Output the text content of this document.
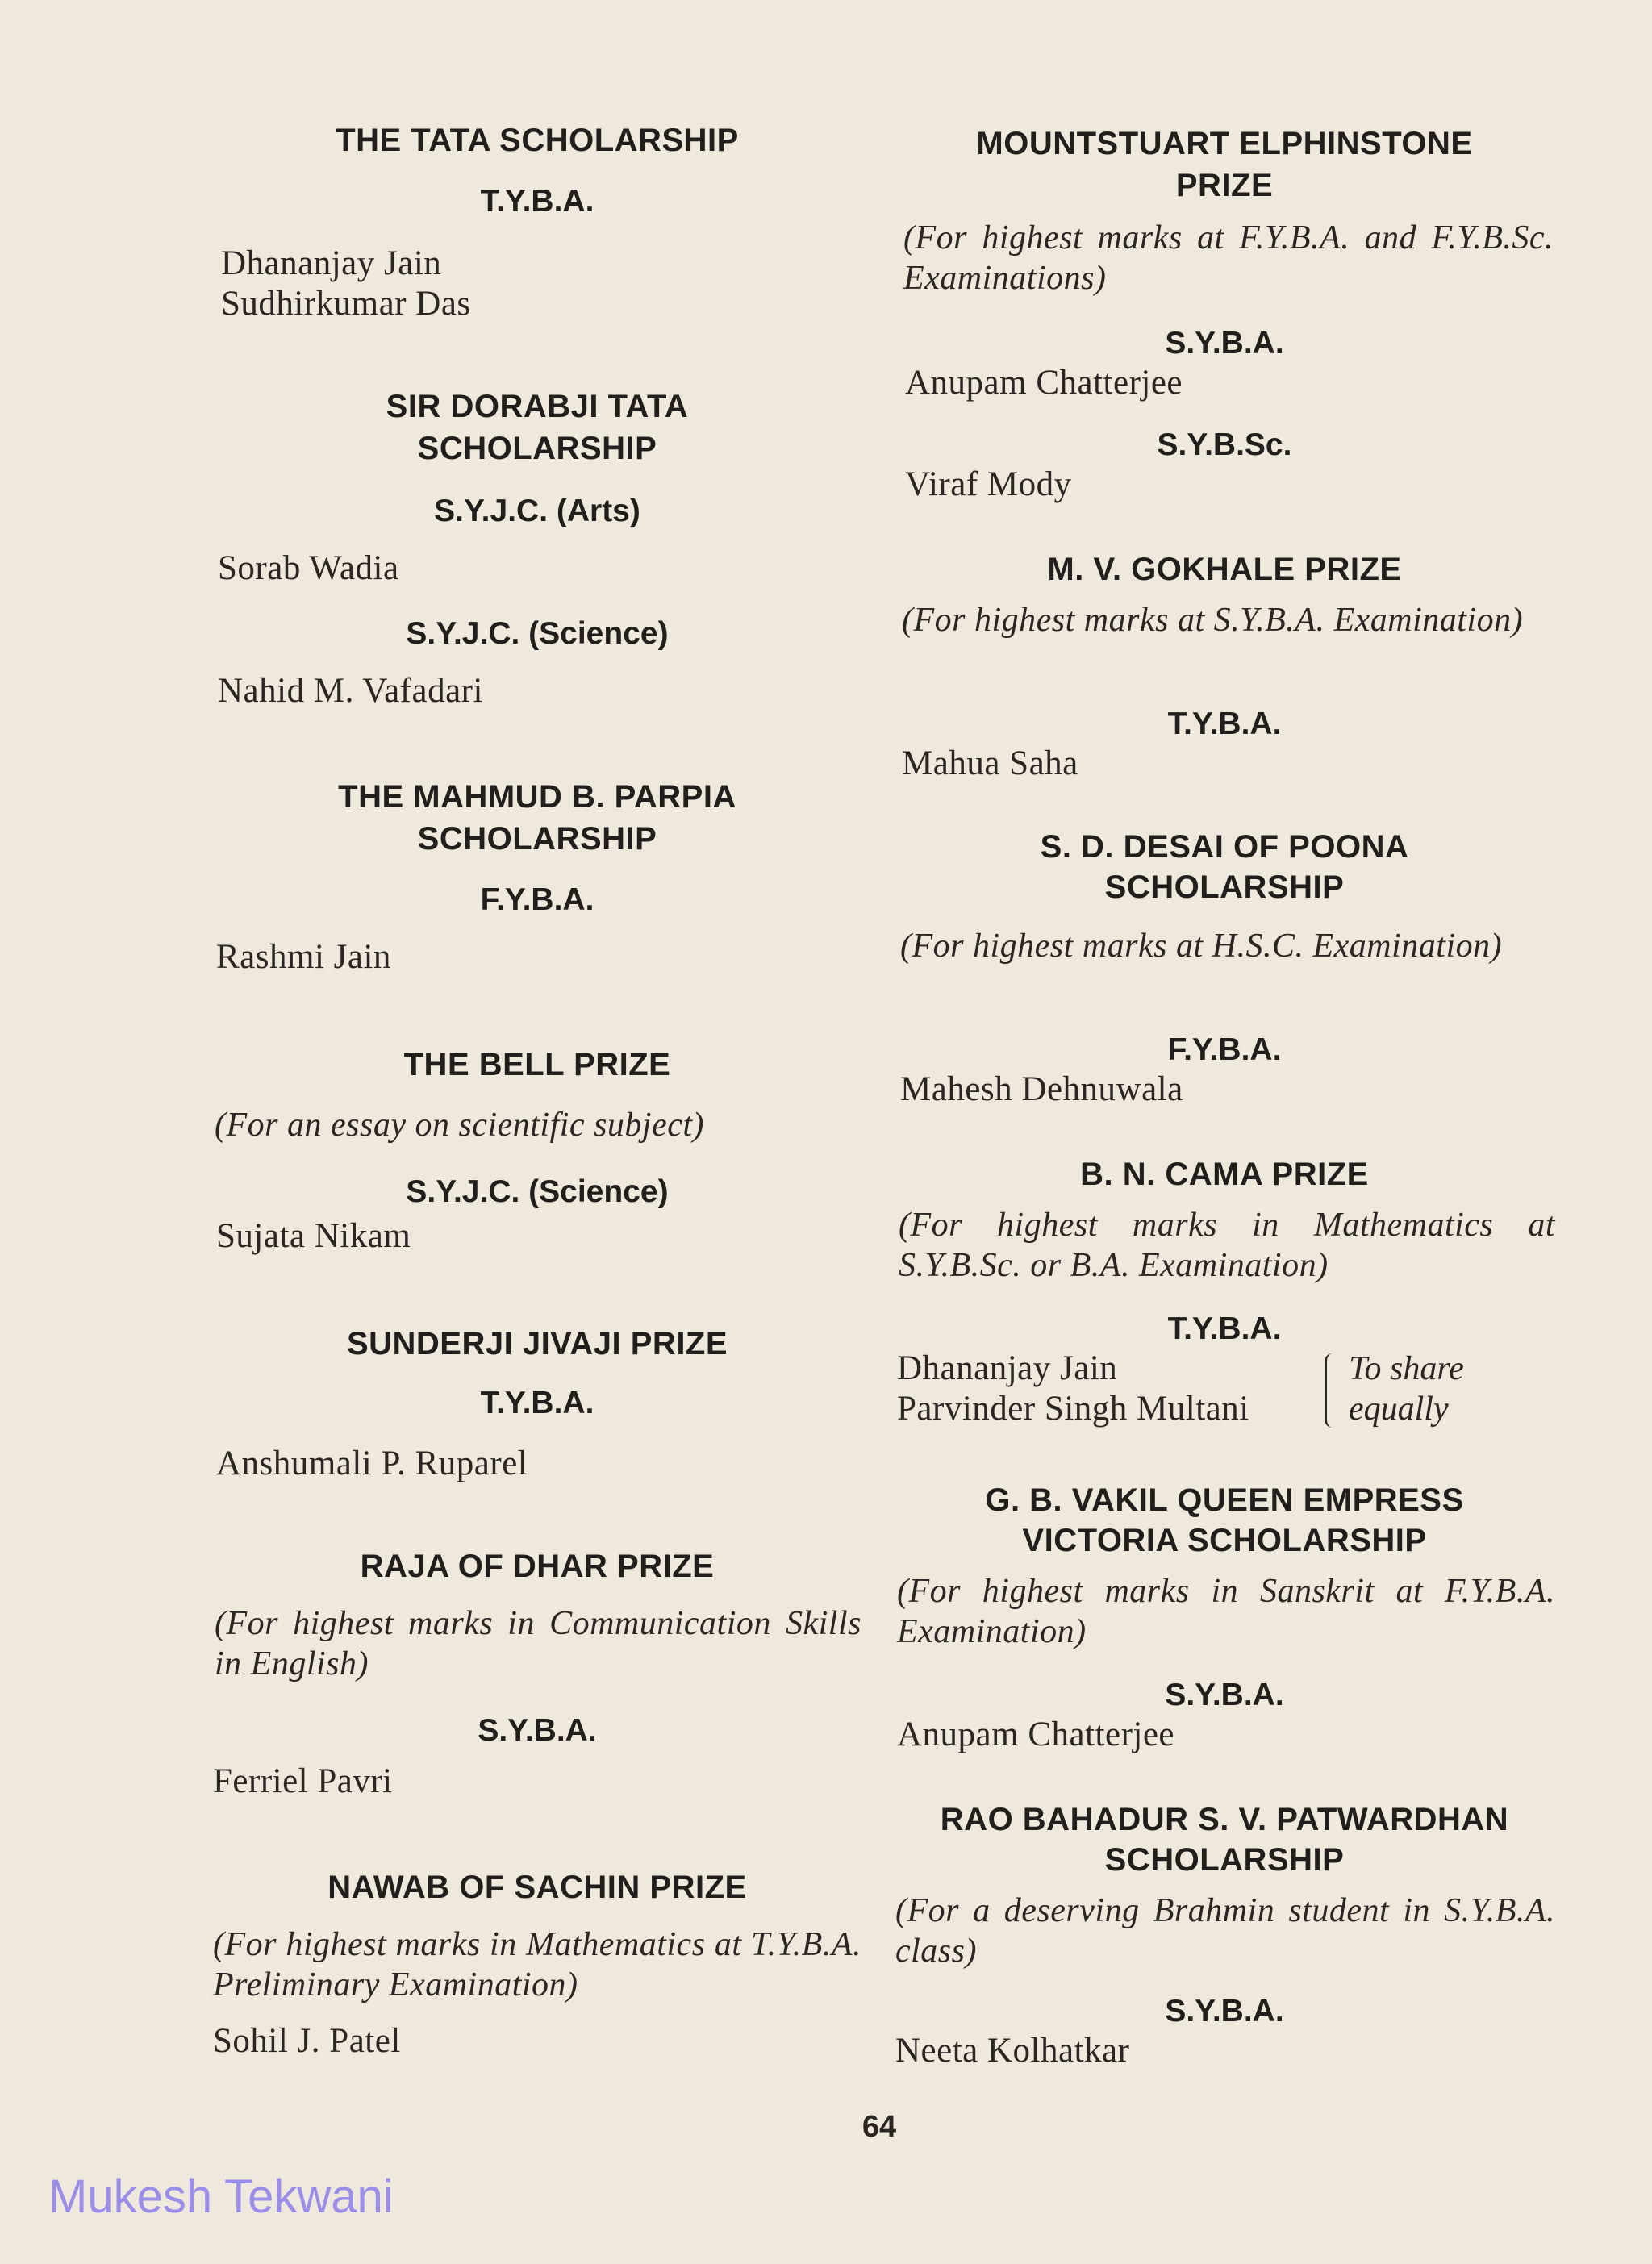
THE TATA SCHOLARSHIP
T.Y.B.A.
Dhananjay Jain
Sudhirkumar Das
SIR DORABJI TATA
SCHOLARSHIP
S.Y.J.C. (Arts)
Sorab Wadia
S.Y.J.C. (Science)
Nahid M. Vafadari
THE MAHMUD B. PARPIA
SCHOLARSHIP
F.Y.B.A.
Rashmi Jain
THE BELL PRIZE
(For an essay on scientific subject)
S.Y.J.C. (Science)
Sujata Nikam
SUNDERJI JIVAJI PRIZE
T.Y.B.A.
Anshumali P. Ruparel
RAJA OF DHAR PRIZE
(For highest marks in Communication Skills in English)
S.Y.B.A.
Ferriel Pavri
NAWAB OF SACHIN PRIZE
(For highest marks in Mathematics at T.Y.B.A. Preliminary Examination)
Sohil J. Patel
MOUNTSTUART ELPHINSTONE
PRIZE
(For highest marks at F.Y.B.A. and F.Y.B.Sc. Examinations)
S.Y.B.A.
Anupam Chatterjee
S.Y.B.Sc.
Viraf Mody
M. V. GOKHALE PRIZE
(For highest marks at S.Y.B.A. Examination)
T.Y.B.A.
Mahua Saha
S. D. DESAI OF POONA
SCHOLARSHIP
(For highest marks at H.S.C. Examination)
F.Y.B.A.
Mahesh Dehnuwala
B. N. CAMA PRIZE
(For highest marks in Mathematics at S.Y.B.Sc. or B.A. Examination)
T.Y.B.A.
Dhananjay Jain
Parvinder Singh Multani
To share
equally
G. B. VAKIL QUEEN EMPRESS
VICTORIA SCHOLARSHIP
(For highest marks in Sanskrit at F.Y.B.A. Examination)
S.Y.B.A.
Anupam Chatterjee
RAO BAHADUR S. V. PATWARDHAN
SCHOLARSHIP
(For a deserving Brahmin student in S.Y.B.A. class)
S.Y.B.A.
Neeta Kolhatkar
64
Mukesh Tekwani
